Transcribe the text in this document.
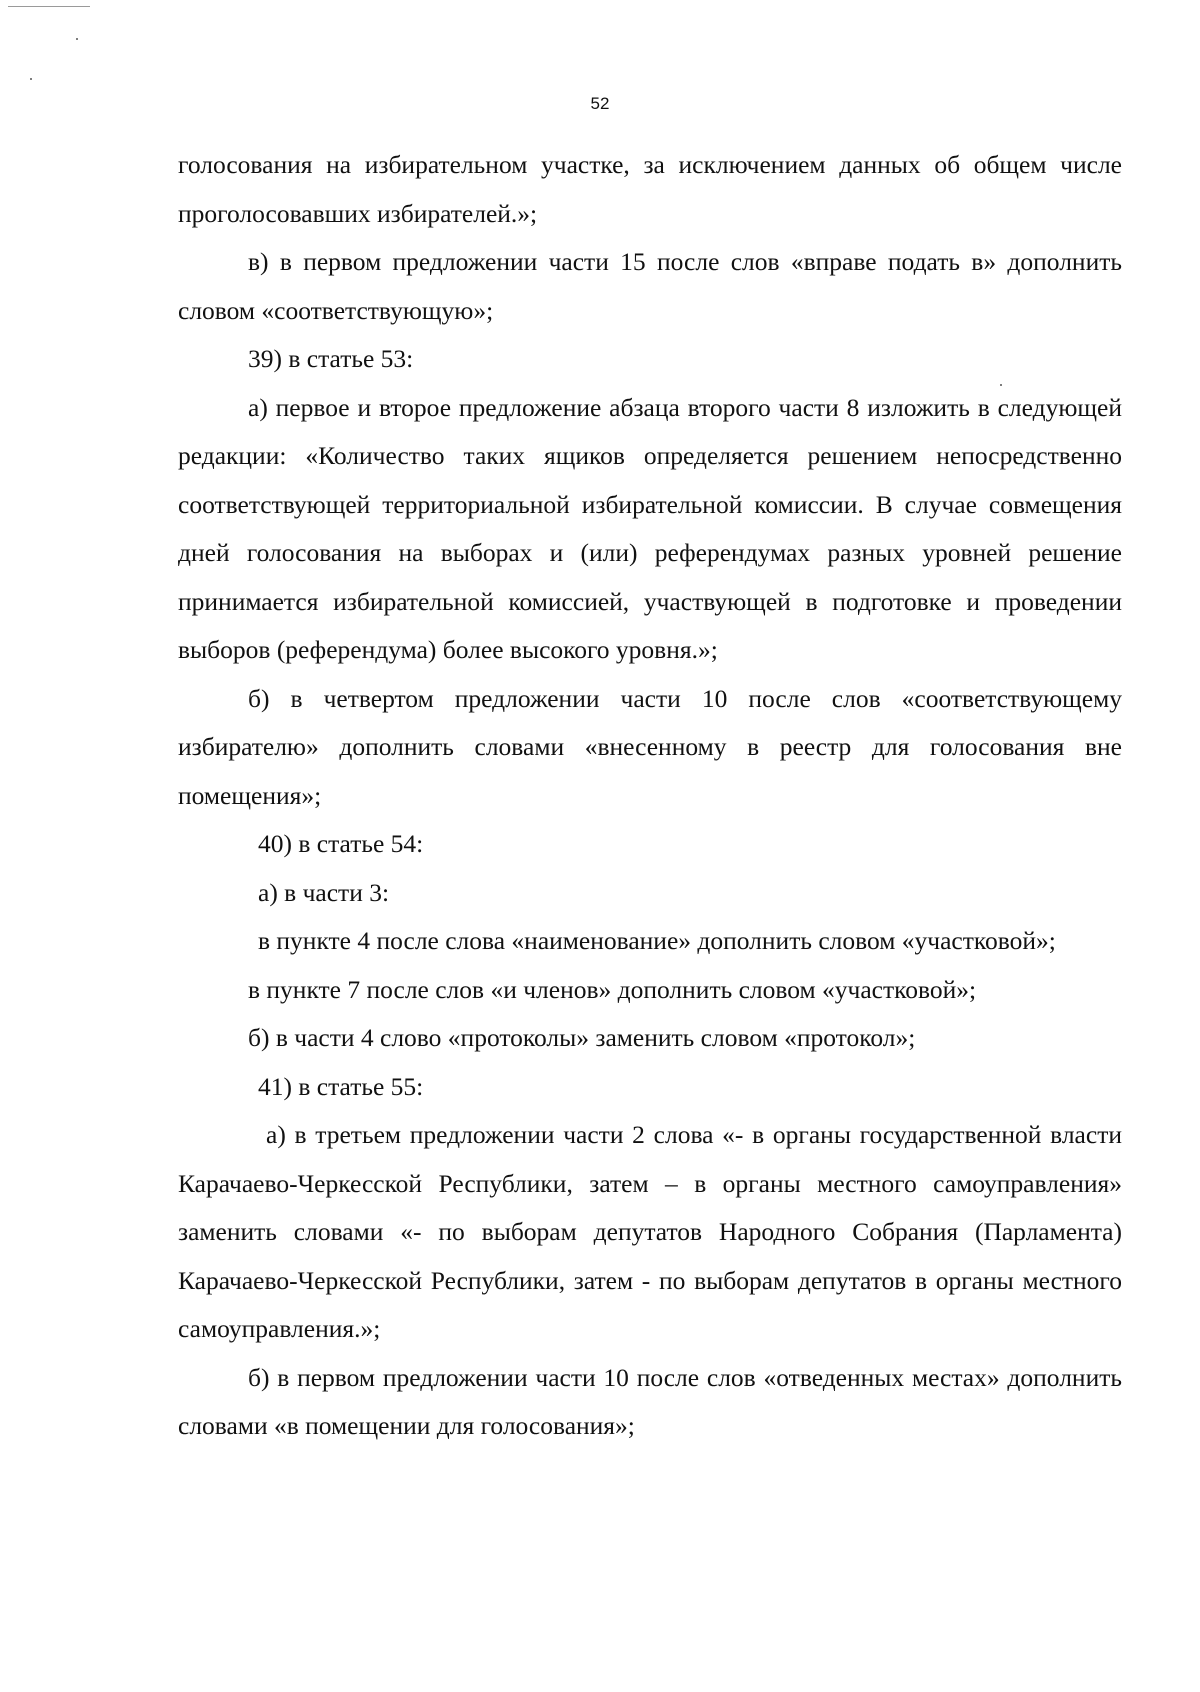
52

голосования на избирательном участке, за исключением данных об общем числе проголосовавших избирателей.»;

в) в первом предложении части 15 после слов «вправе подать в» дополнить словом «соответствующую»;

39) в статье 53:

а) первое и второе предложение абзаца второго части 8 изложить в следующей редакции: «Количество таких ящиков определяется решением непосредственно соответствующей территориальной избирательной комиссии. В случае совмещения дней голосования на выборах и (или) референдумах разных уровней решение принимается избирательной комиссией, участвующей в подготовке и проведении выборов (референдума) более высокого уровня.»;

б) в четвертом предложении части 10 после слов «соответствующему избирателю» дополнить словами «внесенному в реестр для голосования вне помещения»;

40) в статье 54:

а) в части 3:

в пункте 4 после слова «наименование» дополнить словом «участковой»;

в пункте 7 после слов «и членов» дополнить словом «участковой»;

б) в части 4 слово «протоколы» заменить словом «протокол»;

41) в статье 55:

а) в третьем предложении части 2 слова «- в органы государственной власти Карачаево-Черкесской Республики, затем – в органы местного самоуправления» заменить словами «- по выборам депутатов Народного Собрания (Парламента) Карачаево-Черкесской Республики, затем - по выборам депутатов в органы местного самоуправления.»;

б) в первом предложении части 10 после слов «отведенных местах» дополнить словами «в помещении для голосования»;
